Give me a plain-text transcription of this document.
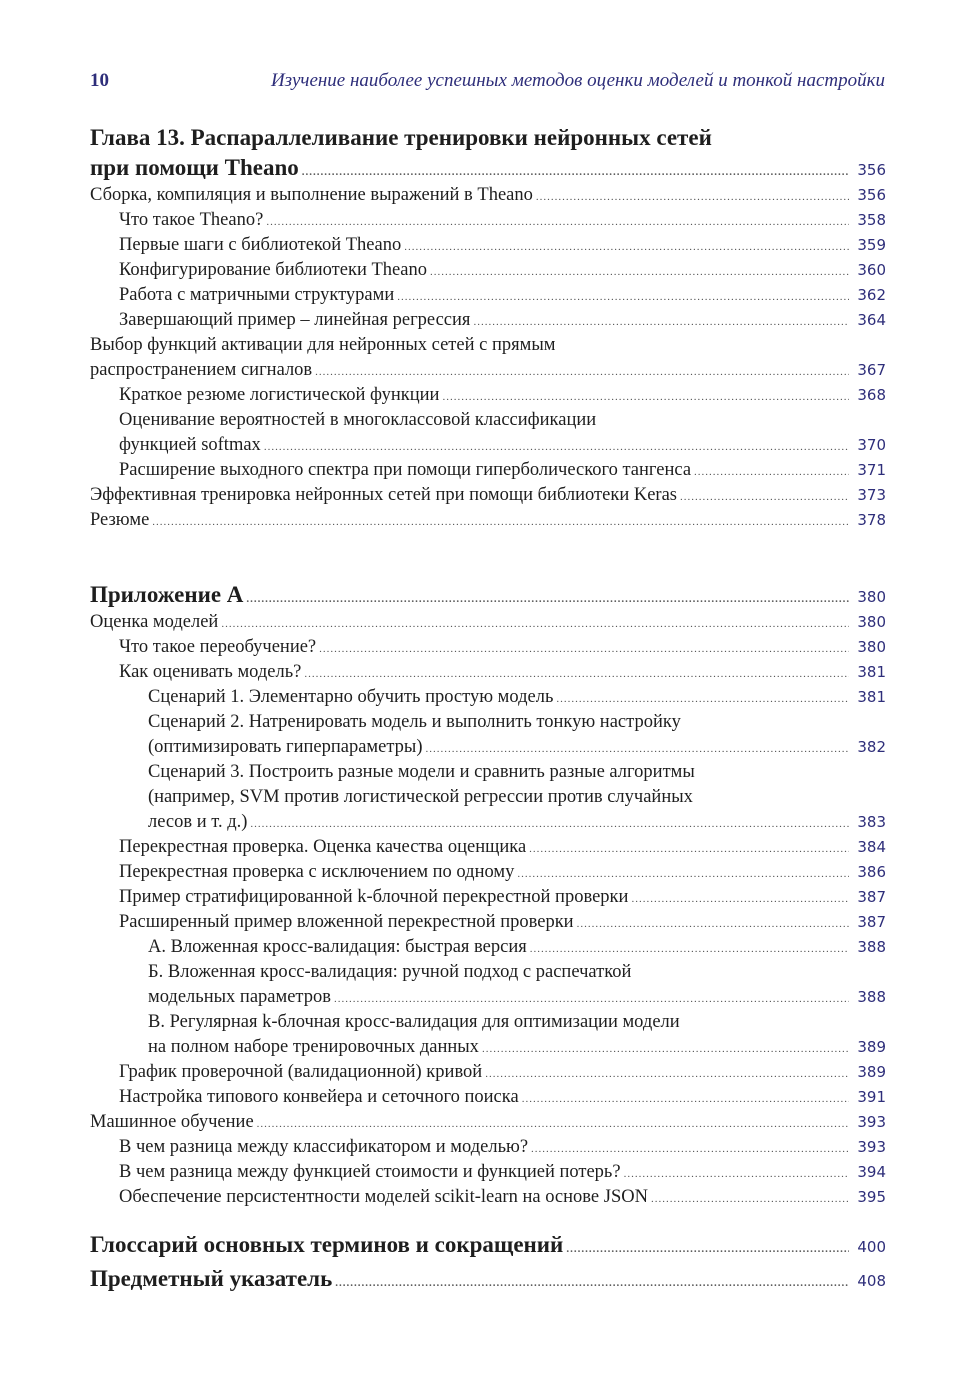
10	Изучение наиболее успешных методов оценки моделей и тонкой настройки
Глава 13. Распараллеливание тренировки нейронных сетей
при помощи Theano .....	356
Сборка, компиляция и выполнение выражений в Theano .....	356
Что такое Theano? .....	358
Первые шаги с библиотекой Theano .....	359
Конфигурирование библиотеки Theano .....	360
Работа с матричными структурами .....	362
Завершающий пример – линейная регрессия .....	364
Выбор функций активации для нейронных сетей с прямым
распространением сигналов .....	367
Краткое резюме логистической функции .....	368
Оценивание вероятностей в многоклассовой классификации
функцией softmax .....	370
Расширение выходного спектра при помощи гиперболического тангенса .....	371
Эффективная тренировка нейронных сетей при помощи библиотеки Keras .....	373
Резюме .....	378
Приложение А .....	380
Оценка моделей .....	380
Что такое переобучение? .....	380
Как оценивать модель? .....	381
Сценарий 1. Элементарно обучить простую модель .....	381
Сценарий 2. Натренировать модель и выполнить тонкую настройку
(оптимизировать гиперпараметры) .....	382
Сценарий 3. Построить разные модели и сравнить разные алгоритмы
(например, SVM против логистической регрессии против случайных
лесов и т. д.) .....	383
Перекрестная проверка. Оценка качества оценщика .....	384
Перекрестная проверка с исключением по одному .....	386
Пример стратифицированной k-блочной перекрестной проверки .....	387
Расширенный пример вложенной перекрестной проверки .....	387
А. Вложенная кросс-валидация: быстрая версия .....	388
Б. Вложенная кросс-валидация: ручной подход с распечаткой
модельных параметров .....	388
В. Регулярная k-блочная кросс-валидация для оптимизации модели
на полном наборе тренировочных данных .....	389
График проверочной (валидационной) кривой .....	389
Настройка типового конвейера и сеточного поиска .....	391
Машинное обучение .....	393
В чем разница между классификатором и моделью? .....	393
В чем разница между функцией стоимости и функцией потерь? .....	394
Обеспечение персистентности моделей scikit-learn на основе JSON .....	395
Глоссарий основных терминов и сокращений .....	400
Предметный указатель .....	408
